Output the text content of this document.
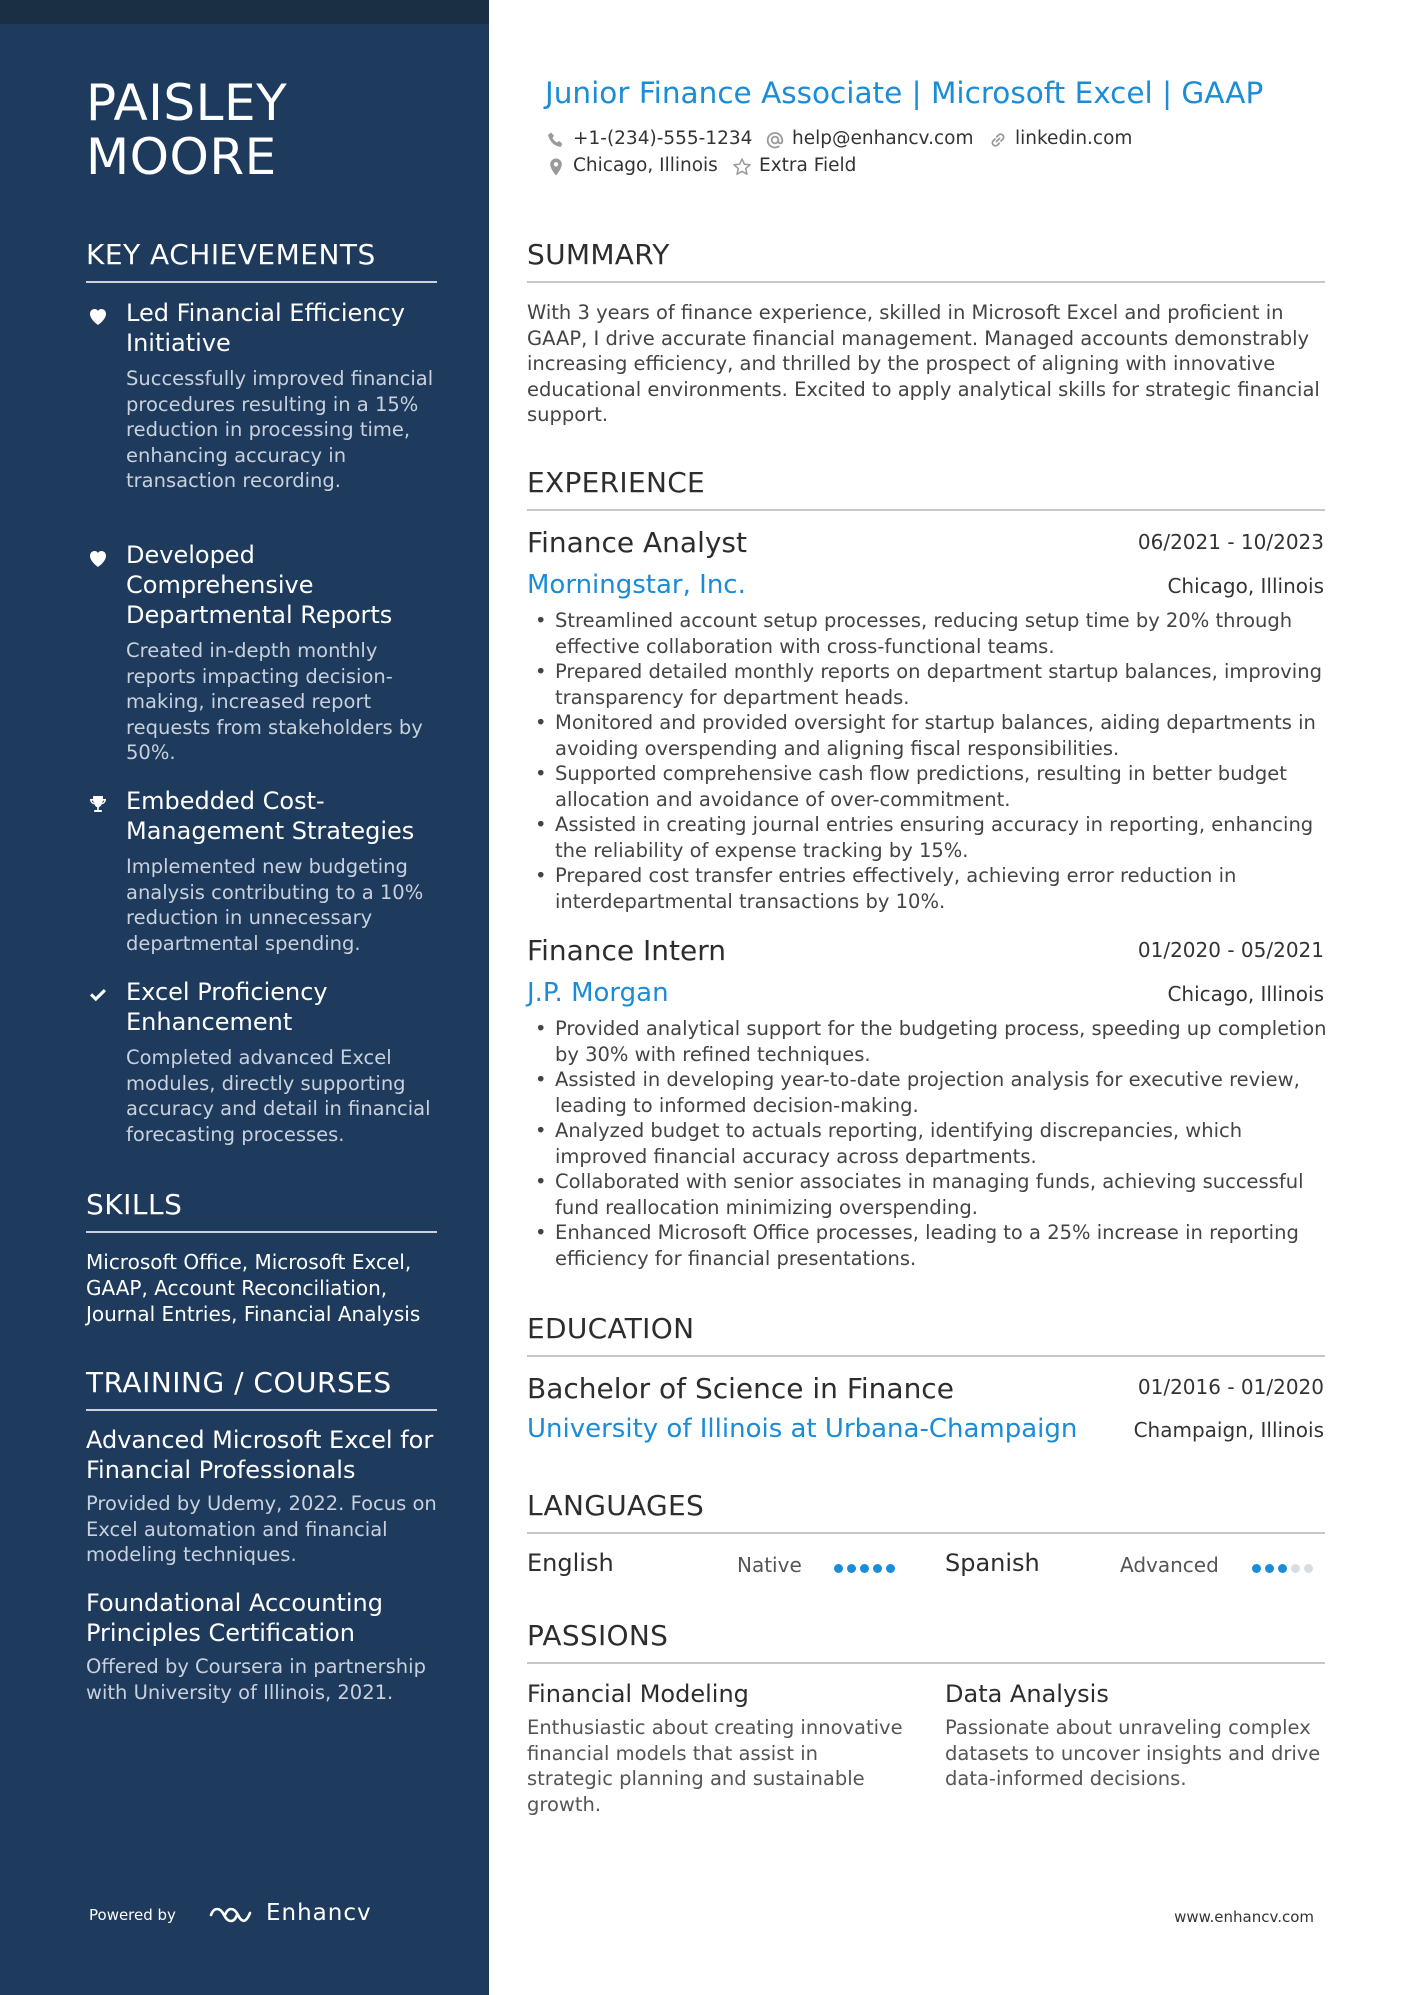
PAISLEY
MOORE
KEY ACHIEVEMENTS
Led Financial Efficiency Initiative
Successfully improved financial procedures resulting in a 15% reduction in processing time, enhancing accuracy in transaction recording.
Developed Comprehensive Departmental Reports
Created in-depth monthly reports impacting decision-making, increased report requests from stakeholders by 50%.
Embedded Cost-Management Strategies
Implemented new budgeting analysis contributing to a 10% reduction in unnecessary departmental spending.
Excel Proficiency Enhancement
Completed advanced Excel modules, directly supporting accuracy and detail in financial forecasting processes.
SKILLS
Microsoft Office, Microsoft Excel, GAAP, Account Reconciliation, Journal Entries, Financial Analysis
TRAINING / COURSES
Advanced Microsoft Excel for Financial Professionals
Provided by Udemy, 2022. Focus on Excel automation and financial modeling techniques.
Foundational Accounting Principles Certification
Offered by Coursera in partnership with University of Illinois, 2021.
Powered by	Enhancv
Junior Finance Associate | Microsoft Excel | GAAP
+1-(234)-555-1234 help@enhancv.com linkedin.com
Chicago, Illinois Extra Field
SUMMARY
With 3 years of finance experience, skilled in Microsoft Excel and proficient in GAAP, I drive accurate financial management. Managed accounts demonstrably increasing efficiency, and thrilled by the prospect of aligning with innovative educational environments. Excited to apply analytical skills for strategic financial support.
EXPERIENCE
Finance Analyst	06/2021 - 10/2023
Morningstar, Inc.	Chicago, Illinois
• Streamlined account setup processes, reducing setup time by 20% through effective collaboration with cross-functional teams.
• Prepared detailed monthly reports on department startup balances, improving transparency for department heads.
• Monitored and provided oversight for startup balances, aiding departments in avoiding overspending and aligning fiscal responsibilities.
• Supported comprehensive cash flow predictions, resulting in better budget allocation and avoidance of over-commitment.
• Assisted in creating journal entries ensuring accuracy in reporting, enhancing the reliability of expense tracking by 15%.
• Prepared cost transfer entries effectively, achieving error reduction in interdepartmental transactions by 10%.
Finance Intern	01/2020 - 05/2021
J.P. Morgan	Chicago, Illinois
• Provided analytical support for the budgeting process, speeding up completion by 30% with refined techniques.
• Assisted in developing year-to-date projection analysis for executive review, leading to informed decision-making.
• Analyzed budget to actuals reporting, identifying discrepancies, which improved financial accuracy across departments.
• Collaborated with senior associates in managing funds, achieving successful fund reallocation minimizing overspending.
• Enhanced Microsoft Office processes, leading to a 25% increase in reporting efficiency for financial presentations.
EDUCATION
Bachelor of Science in Finance	01/2016 - 01/2020
University of Illinois at Urbana-Champaign	Champaign, Illinois
LANGUAGES
English	Native	Spanish	Advanced
PASSIONS
Financial Modeling
Enthusiastic about creating innovative financial models that assist in strategic planning and sustainable growth.
Data Analysis
Passionate about unraveling complex datasets to uncover insights and drive data-informed decisions.
www.enhancv.com
